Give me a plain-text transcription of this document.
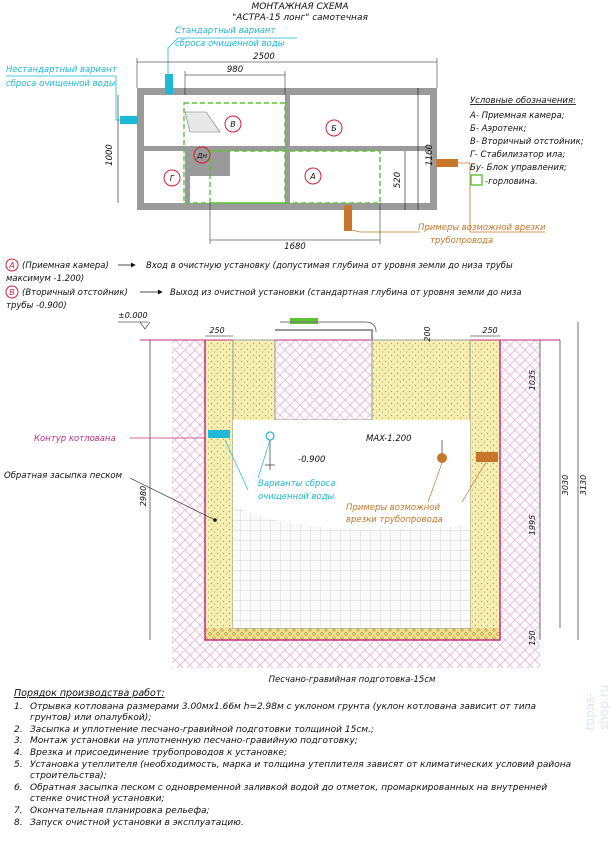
МОНТАЖНАЯ СХЕМА
"АСТРА-15 лонг" самотечная
В	Б
Г
Дн
А
Стандартный вариант
сброса очищенной воды
Нестандартный вариант
сброса очищенной воды
Примеры возможной врезки
трубопровода
2500
980
1000	1160
520
1680
Условные обозначения:
А- Приемная камера;
Б- Аэротенк;
В- Вторичный отстойник;
Г- Стабилизатор ила;
Бу- Блок управления;
-горловина.
А (Приемная камера)	Вход в очистную установку (допустимая глубина от уровня земли до низа трубы
максимум -1.200)
В (Вторичный отстойник)	Выход из очистной установки (стандартная глубина от уровня земли до низа
трубы -0.900)
-0.900
MAX-1.200
±0.000
250	250
200
1035
1995
150
3030 3130
2980
Контур котлована
Обратная засыпка песком
Варианты сброса
очищенной воды
Примеры возможной
врезки трубопровода
Песчано-гравийная подготовка-15см
Порядок производства работ:
1. Отрывка котлована размерами 3.00мх1.66м h=2.98м с уклоном грунта (уклон котлована зависит от типа грунтов) или опалубкой);
2. Засыпка и уплотнение песчано-гравийной подготовки толщиной 15см.;
3. Монтаж установки на уплотненную песчано-гравийную подготовку;
4. Врезка и присоединение трубопроводов к установке;
5. Установка утеплителя (необходимость, марка и толщина утеплителя зависят от климатических условий района строительства);
6. Обратная засыпка песком с одновременной заливкой водой до отметок, промаркированных на внутренней стенке очистной установки;
7. Окончательная планировка рельефа;
8. Запуск очистной установки в эксплуатацию.
topas-shop.ru
